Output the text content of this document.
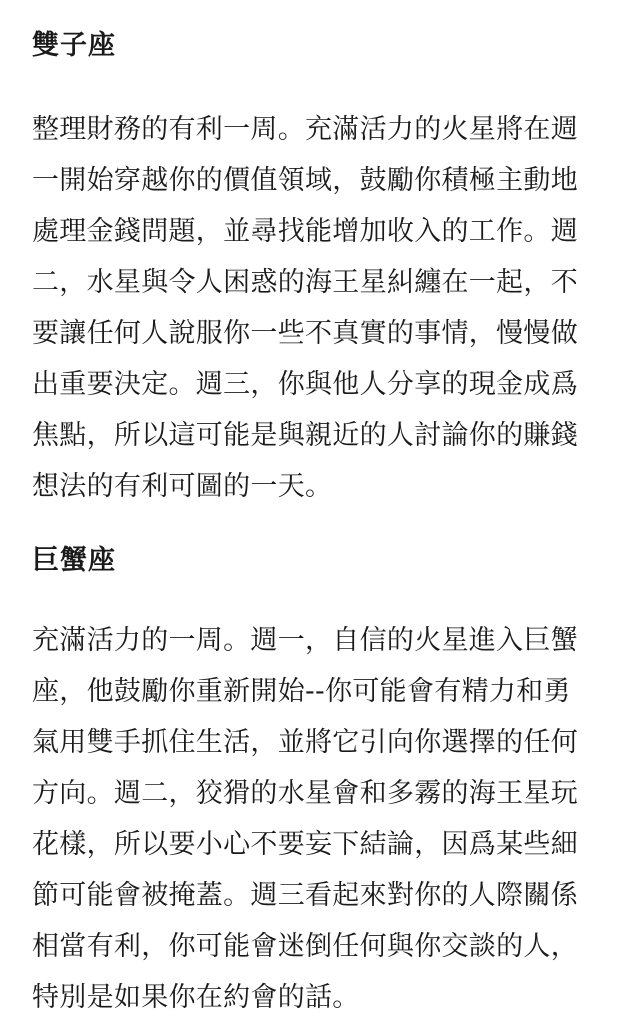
雙子座
整理財務的有利一周。充滿活力的火星將在週
一開始穿越你的價值領域，鼓勵你積極主動地
處理金錢問題，並尋找能增加收入的工作。週
二，水星與令人困惑的海王星糾纏在一起，不
要讓任何人說服你一些不真實的事情，慢慢做
出重要決定。週三，你與他人分享的現金成爲
焦點，所以這可能是與親近的人討論你的賺錢
想法的有利可圖的一天。
巨蟹座
充滿活力的一周。週一，自信的火星進入巨蟹
座，他鼓勵你重新開始--你可能會有精力和勇
氣用雙手抓住生活，並將它引向你選擇的任何
方向。週二，狡猾的水星會和多霧的海王星玩
花樣，所以要小心不要妄下結論，因爲某些細
節可能會被掩蓋。週三看起來對你的人際關係
相當有利，你可能會迷倒任何與你交談的人，
特別是如果你在約會的話。
